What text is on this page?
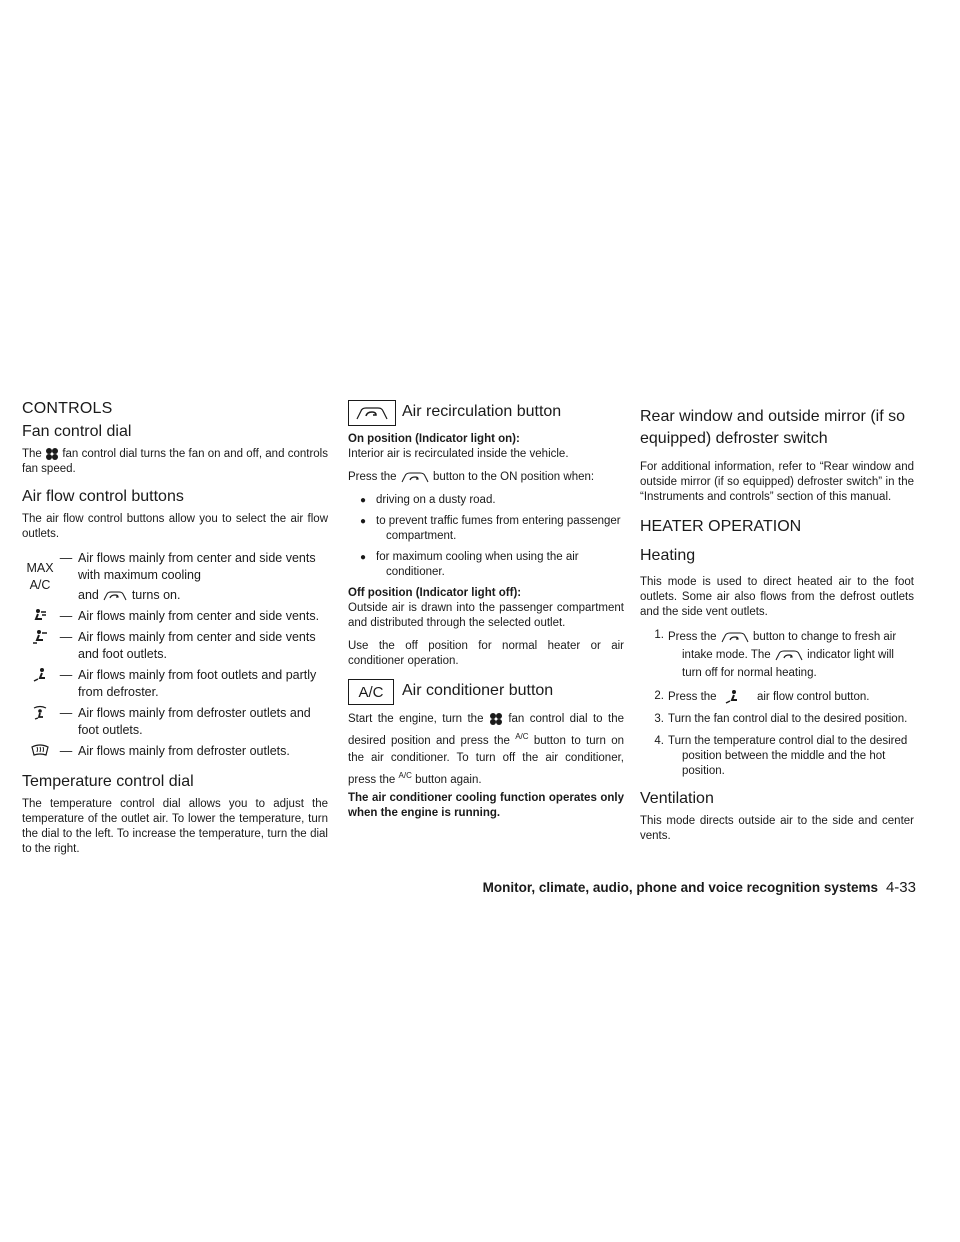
CONTROLS
Fan control dial
The fan control dial turns the fan on and off, and controls fan speed.
Air flow control buttons
The air flow control buttons allow you to select the air flow outlets.
MAX
A/C
— Air flows mainly from center and side vents with maximum cooling
and	turns on.
— Air flows mainly from center and side vents.
— Air flows mainly from center and side vents and foot outlets.
— Air flows mainly from foot outlets and partly from defroster.
— Air flows mainly from defroster outlets and foot outlets.
— Air flows mainly from defroster outlets.
Temperature control dial
The temperature control dial allows you to adjust the temperature of the outlet air. To lower the temperature, turn the dial to the left. To increase the temperature, turn the dial to the right.
Air recirculation button
On position (Indicator light on):
Interior air is recirculated inside the vehicle.
Press the	button to the ON position when:
● driving on a dusty road.
● to prevent traffic fumes from entering passenger compartment.
● for maximum cooling when using the air conditioner.
Off position (Indicator light off):
Outside air is drawn into the passenger compartment and distributed through the selected outlet.
Use the off position for normal heater or air conditioner operation.
A/C	Air conditioner button
Start the engine, turn the fan control dial to the desired position and press the $^{A/C}$ button to turn on the air conditioner. To turn off the air conditioner, press the $^{A/C}$ button again.
The air conditioner cooling function operates only when the engine is running.
Rear window and outside mirror (if so equipped) defroster switch
For additional information, refer to “Rear window and outside mirror (if so equipped) defroster switch” in the “Instruments and controls” section of this manual.
HEATER OPERATION
Heating
This mode is used to direct heated air to the foot outlets. Some air also flows from the defrost outlets and the side vent outlets.
1. Press the	button to change to fresh air intake mode. The	indicator light will turn off for normal heating.
2. Press the	air flow control button.
3. Turn the fan control dial to the desired position.
4. Turn the temperature control dial to the desired position between the middle and the hot position.
Ventilation
This mode directs outside air to the side and center vents.
Monitor, climate, audio, phone and voice recognition systems 4-33
